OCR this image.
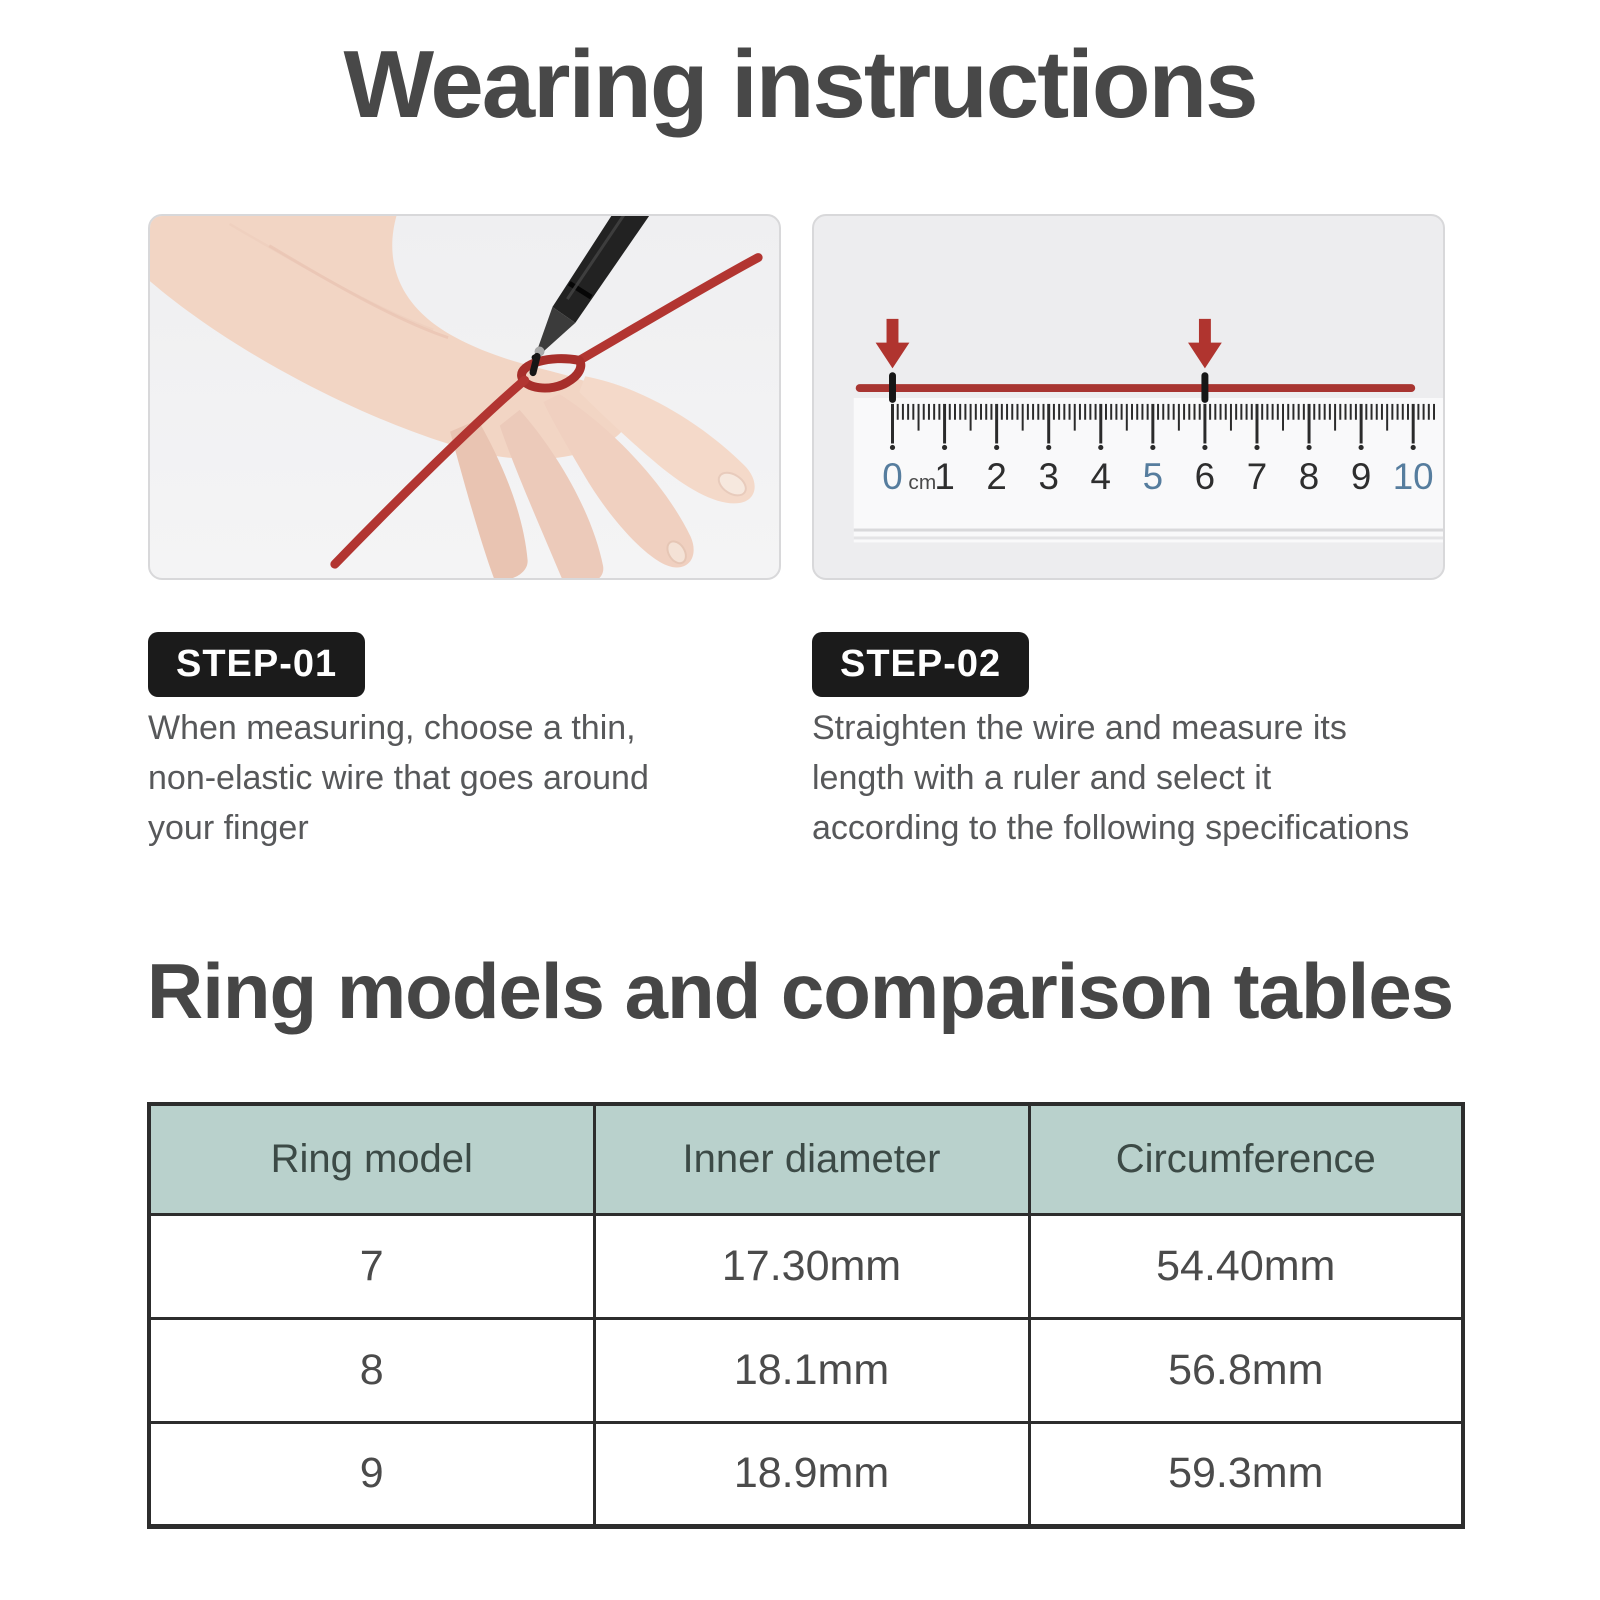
Wearing instructions
0 cm
1 2 3 4 5 6 7 8 9 10
STEP-01	STEP-02
When measuring, choose a thin,
non-elastic wire that goes around
your finger
Straighten the wire and measure its
length with a ruler and select it
according to the following specifications
Ring models and comparison tables
Ring model	Inner diameter	Circumference
7	17.30mm	54.40mm
8	18.1mm	56.8mm
9	18.9mm	59.3mm
